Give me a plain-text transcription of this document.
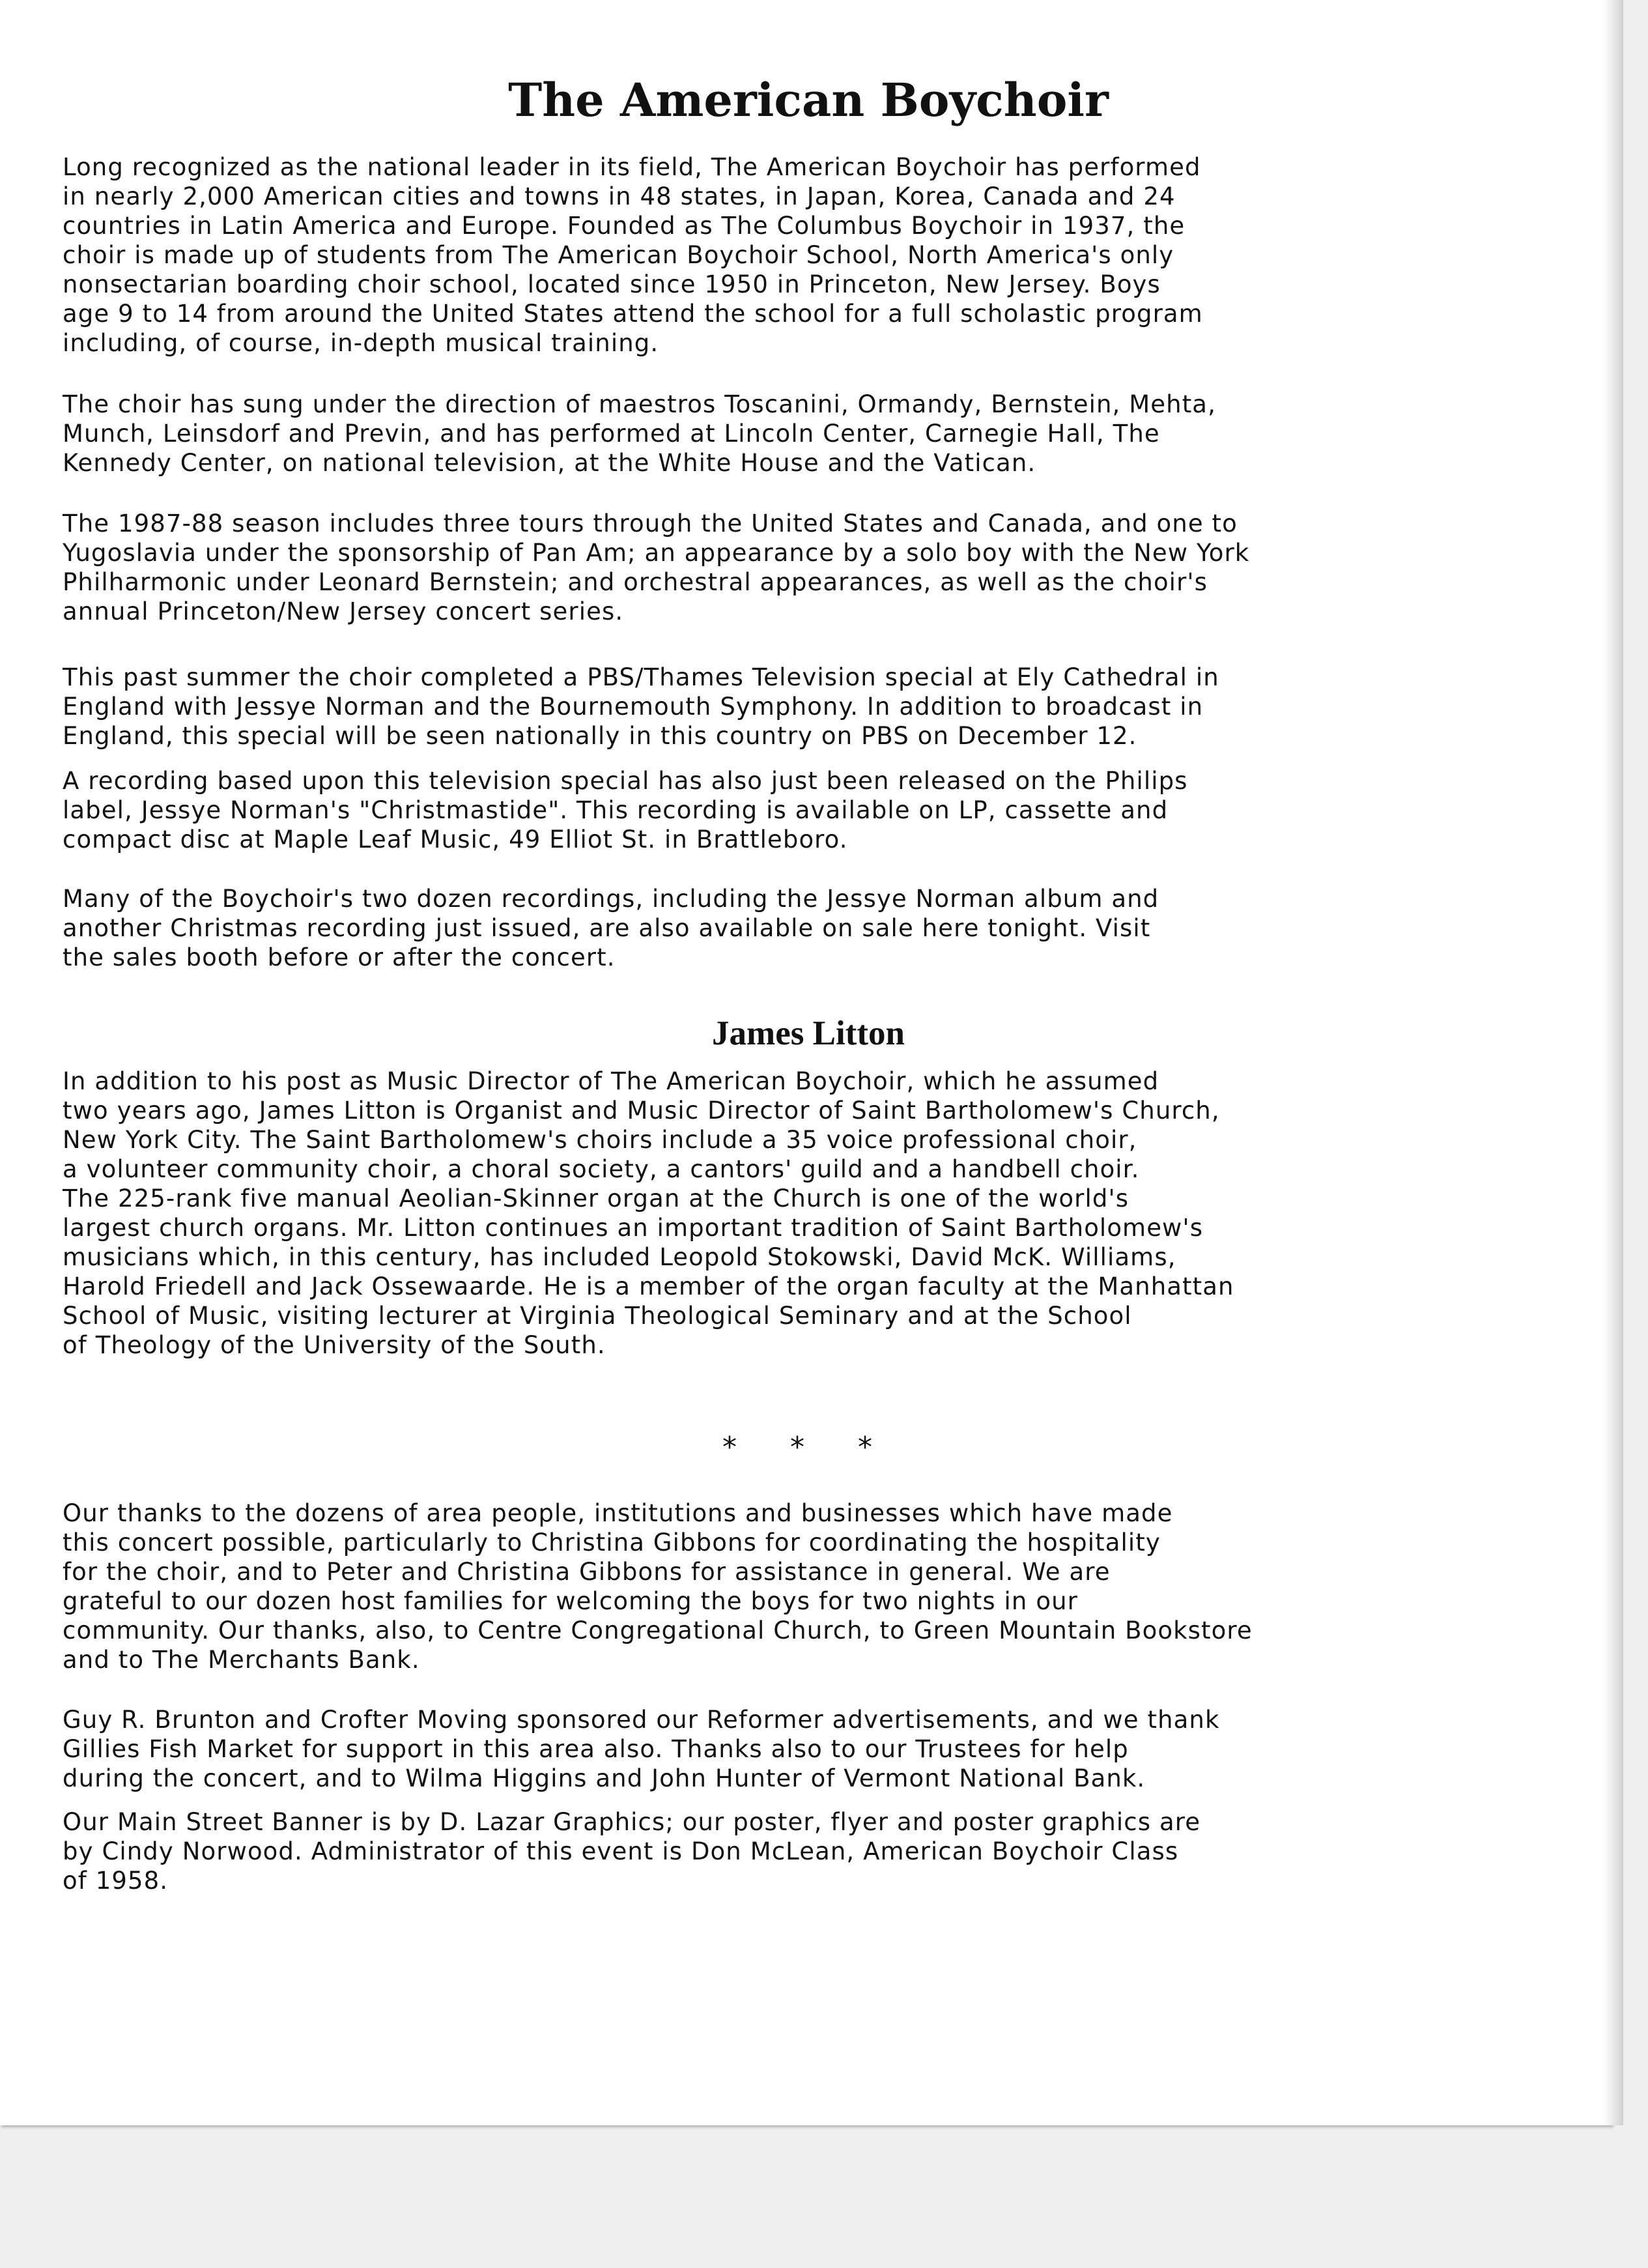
The American Boychoir

Long recognized as the national leader in its field, The American Boychoir has performed
in nearly 2,000 American cities and towns in 48 states, in Japan, Korea, Canada and 24
countries in Latin America and Europe. Founded as The Columbus Boychoir in 1937, the
choir is made up of students from The American Boychoir School, North America's only
nonsectarian boarding choir school, located since 1950 in Princeton, New Jersey. Boys
age 9 to 14 from around the United States attend the school for a full scholastic program
including, of course, in-depth musical training.

The choir has sung under the direction of maestros Toscanini, Ormandy, Bernstein, Mehta,
Munch, Leinsdorf and Previn, and has performed at Lincoln Center, Carnegie Hall, The
Kennedy Center, on national television, at the White House and the Vatican.

The 1987-88 season includes three tours through the United States and Canada, and one to
Yugoslavia under the sponsorship of Pan Am; an appearance by a solo boy with the New York
Philharmonic under Leonard Bernstein; and orchestral appearances, as well as the choir's
annual Princeton/New Jersey concert series.

This past summer the choir completed a PBS/Thames Television special at Ely Cathedral in
England with Jessye Norman and the Bournemouth Symphony. In addition to broadcast in
England, this special will be seen nationally in this country on PBS on December 12.

A recording based upon this television special has also just been released on the Philips
label, Jessye Norman's "Christmastide". This recording is available on LP, cassette and
compact disc at Maple Leaf Music, 49 Elliot St. in Brattleboro.

Many of the Boychoir's two dozen recordings, including the Jessye Norman album and
another Christmas recording just issued, are also available on sale here tonight. Visit
the sales booth before or after the concert.

James Litton

In addition to his post as Music Director of The American Boychoir, which he assumed
two years ago, James Litton is Organist and Music Director of Saint Bartholomew's Church,
New York City. The Saint Bartholomew's choirs include a 35 voice professional choir,
a volunteer community choir, a choral society, a cantors' guild and a handbell choir.
The 225-rank five manual Aeolian-Skinner organ at the Church is one of the world's
largest church organs. Mr. Litton continues an important tradition of Saint Bartholomew's
musicians which, in this century, has included Leopold Stokowski, David McK. Williams,
Harold Friedell and Jack Ossewaarde. He is a member of the organ faculty at the Manhattan
School of Music, visiting lecturer at Virginia Theological Seminary and at the School
of Theology of the University of the South.

* * *

Our thanks to the dozens of area people, institutions and businesses which have made
this concert possible, particularly to Christina Gibbons for coordinating the hospitality
for the choir, and to Peter and Christina Gibbons for assistance in general. We are
grateful to our dozen host families for welcoming the boys for two nights in our
community. Our thanks, also, to Centre Congregational Church, to Green Mountain Bookstore
and to The Merchants Bank.

Guy R. Brunton and Crofter Moving sponsored our Reformer advertisements, and we thank
Gillies Fish Market for support in this area also. Thanks also to our Trustees for help
during the concert, and to Wilma Higgins and John Hunter of Vermont National Bank.

Our Main Street Banner is by D. Lazar Graphics; our poster, flyer and poster graphics are
by Cindy Norwood. Administrator of this event is Don McLean, American Boychoir Class
of 1958.
